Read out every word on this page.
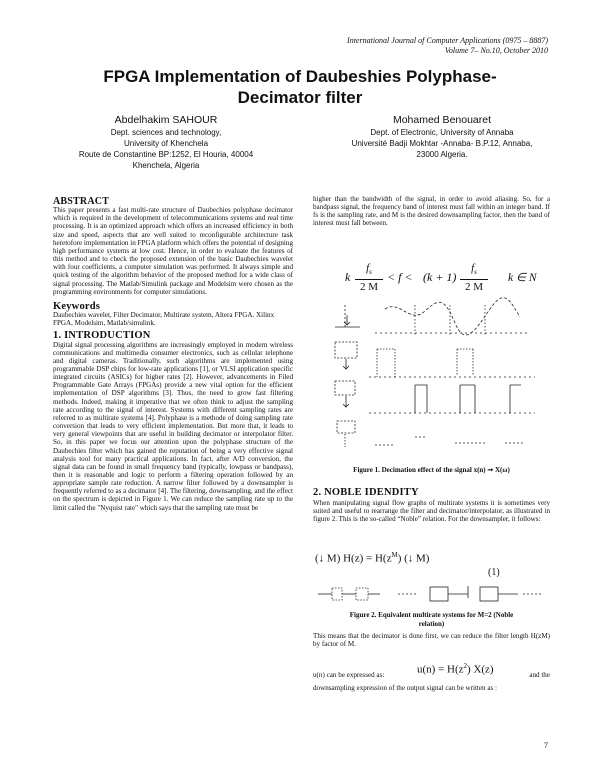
International Journal of Computer Applications (0975 – 8887)
Volume 7– No.10, October 2010
FPGA Implementation of Daubeshies Polyphase-
Decimator filter
Abdelhakim SAHOUR
Dept. sciences and technology,
University of Khenchela
Route de Constantine BP:1252, El Houria, 40004
Khenchela, Algeria
Mohamed Benouaret
Dept. of Electronic, University of Annaba
Université Badji Mokhtar -Annaba- B.P.12, Annaba,
23000 Algeria.
ABSTRACT

This paper presents a fast multi-rate structure of Daubechies polyphase decimator which is required in the development of telecommunications systems and real time processing. It is an optimized approach which offers an increased efficiency in both size and speed, aspects that are well suited to reconfigurable architecture task heretofore implementation in FPGA platform which offers the potential of designing high performance systems at low cost. Hence, in order to evaluate the features of this method and to check the proposed extension of the basic Daubechies wavelet with four coefficients, a computer simulation was performed. It always simple and quick testing of the algorithm behavior of the proposed method for a wide class of signal processing. The Matlab/Simulink package and Modelsim were chosen as the programming environments for computer simulations.

Keywords

Daubechies wavelet, Filter Decimator, Multirate system, Altera FPGA. Xilinx FPGA, Modelsim, Matlab/simulink.

1. INTRODUCTION

Digital signal processing algorithms are increasingly employed in modern wireless communications and multimedia consumer electronics, such as cellular telephone and digital cameras. Traditionally, such algorithms are implemented using programmable DSP chips for low-rate applications [1], or VLSI application specific integrated circuits (ASICs) for higher rates [2]. However, advancements in Filed Programmable Gate Arrays (FPGAs) provide a new vital option for the efficient implementation of DSP algorithms [3]. Thus, the need to grow fast filtering methods. Indeed, making it imperative that we often think to adjust the sampling rate according to the signal of interest. Systems with different sampling rates are referred to as multirate systems [4]. Polyphase is a methode of doing sampling rate conversion that leads to very efficient implementation. But more that, it leads to very general viewpoints that are useful in building decimator or interpolator filter. So, in this paper we focus our attention upon the polyphase structure of the Daubechies filter which has gained the reputation of being a very effective signal analysis tool for many practical applications. In fact, after A/D conversion, the signal data can be found in small frequency band (typically, lowpass or bandpass), then it is reasonable and logic to perform a filtering operation followed by an appropriate sample rate reduction. A narrow filter followed by a downsampler is frequently referred to as a decimator [4]. The filtering, downsampling, and the effect on the spectrum is depicted in Figure 1. We can reduce the sampling rate up to the limit called the "Nyquist rate" which says that the sampling rate must be

higher than the bandwidth of the signal, in order to avoid aliasing. So, for a bandpass signal, the frequency band of interest must fall within an integer band. If fs is the sampling rate, and M is the desired downsampling factor, then the band of interest must fall between.

k
$f_s$
2 M
< f < (k + 1)
$f_s$
2 M
k ∈ N
Figure 1. Decimation effect of the signal x(n) ➞ X(ω)
2. NOBLE IDENDITY

When manipulating signal flow graphs of multirate systems it is sometimes very suited and useful to rearrange the filter and decimator/interpolator, as illustrated in figure 2. This is the so-called “Noble” relation. For the downsampler, it follows:

(↓ M) $H(z) = H(z^M)$ (↓ M)
(1)
Figure 2. Equivalent multirate systems for M=2 (Noble
relation)

This means that the decimator is done first, we can reduce the filter length H(zM) by factor of M.

u(n) can be expressed as:	$u(n) = H(z^2)$ X(z)	and the
downsampling expression of the output signal can be written as :
7
